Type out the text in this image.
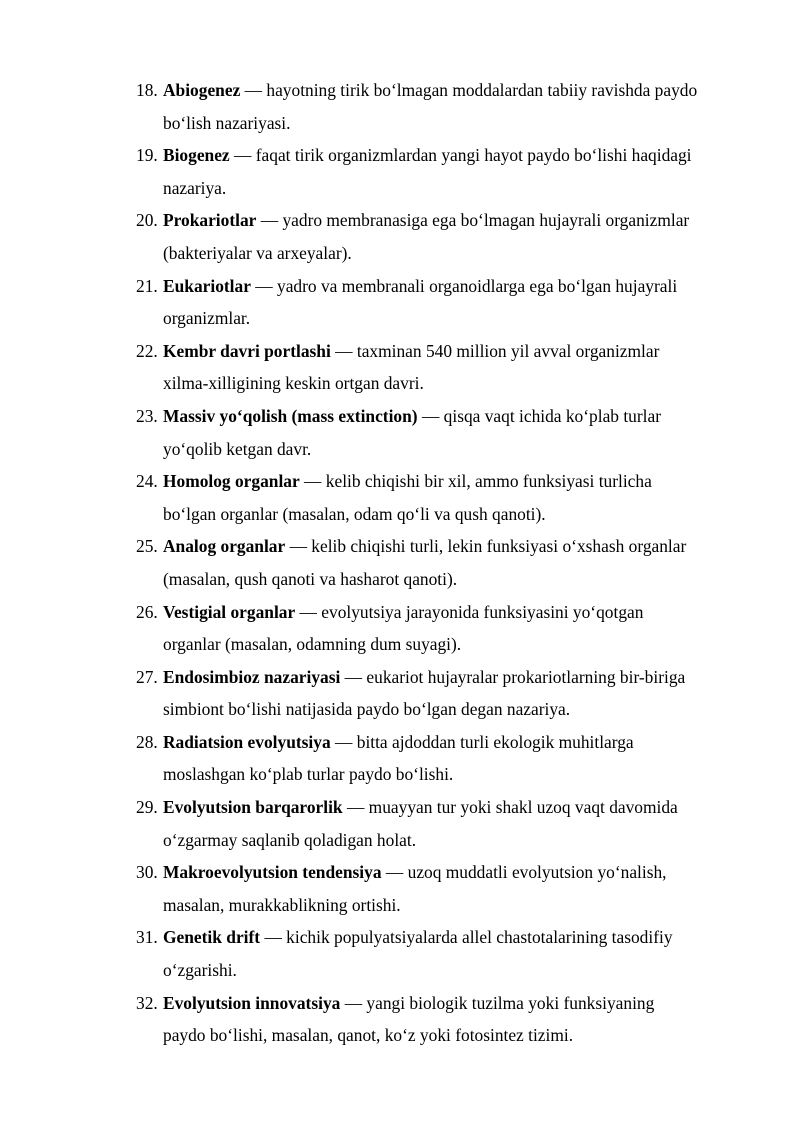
18. Abiogenez — hayotning tirik bo‘lmagan moddalardan tabiiy ravishda paydo
bo‘lish nazariyasi.
19. Biogenez — faqat tirik organizmlardan yangi hayot paydo bo‘lishi haqidagi
nazariya.
20. Prokariotlar — yadro membranasiga ega bo‘lmagan hujayrali organizmlar
(bakteriyalar va arxeyalar).
21. Eukariotlar — yadro va membranali organoidlarga ega bo‘lgan hujayrali
organizmlar.
22. Kembr davri portlashi — taxminan 540 million yil avval organizmlar
xilma-xilligining keskin ortgan davri.
23. Massiv yo‘qolish (mass extinction) — qisqa vaqt ichida ko‘plab turlar
yo‘qolib ketgan davr.
24. Homolog organlar — kelib chiqishi bir xil, ammo funksiyasi turlicha
bo‘lgan organlar (masalan, odam qo‘li va qush qanoti).
25. Analog organlar — kelib chiqishi turli, lekin funksiyasi o‘xshash organlar
(masalan, qush qanoti va hasharot qanoti).
26. Vestigial organlar — evolyutsiya jarayonida funksiyasini yo‘qotgan
organlar (masalan, odamning dum suyagi).
27. Endosimbioz nazariyasi — eukariot hujayralar prokariotlarning bir-biriga
simbiont bo‘lishi natijasida paydo bo‘lgan degan nazariya.
28. Radiatsion evolyutsiya — bitta ajdoddan turli ekologik muhitlarga
moslashgan ko‘plab turlar paydo bo‘lishi.
29. Evolyutsion barqarorlik — muayyan tur yoki shakl uzoq vaqt davomida
o‘zgarmay saqlanib qoladigan holat.
30. Makroevolyutsion tendensiya — uzoq muddatli evolyutsion yo‘nalish,
masalan, murakkablikning ortishi.
31. Genetik drift — kichik populyatsiyalarda allel chastotalarining tasodifiy
o‘zgarishi.
32. Evolyutsion innovatsiya — yangi biologik tuzilma yoki funksiyaning
paydo bo‘lishi, masalan, qanot, ko‘z yoki fotosintez tizimi.
